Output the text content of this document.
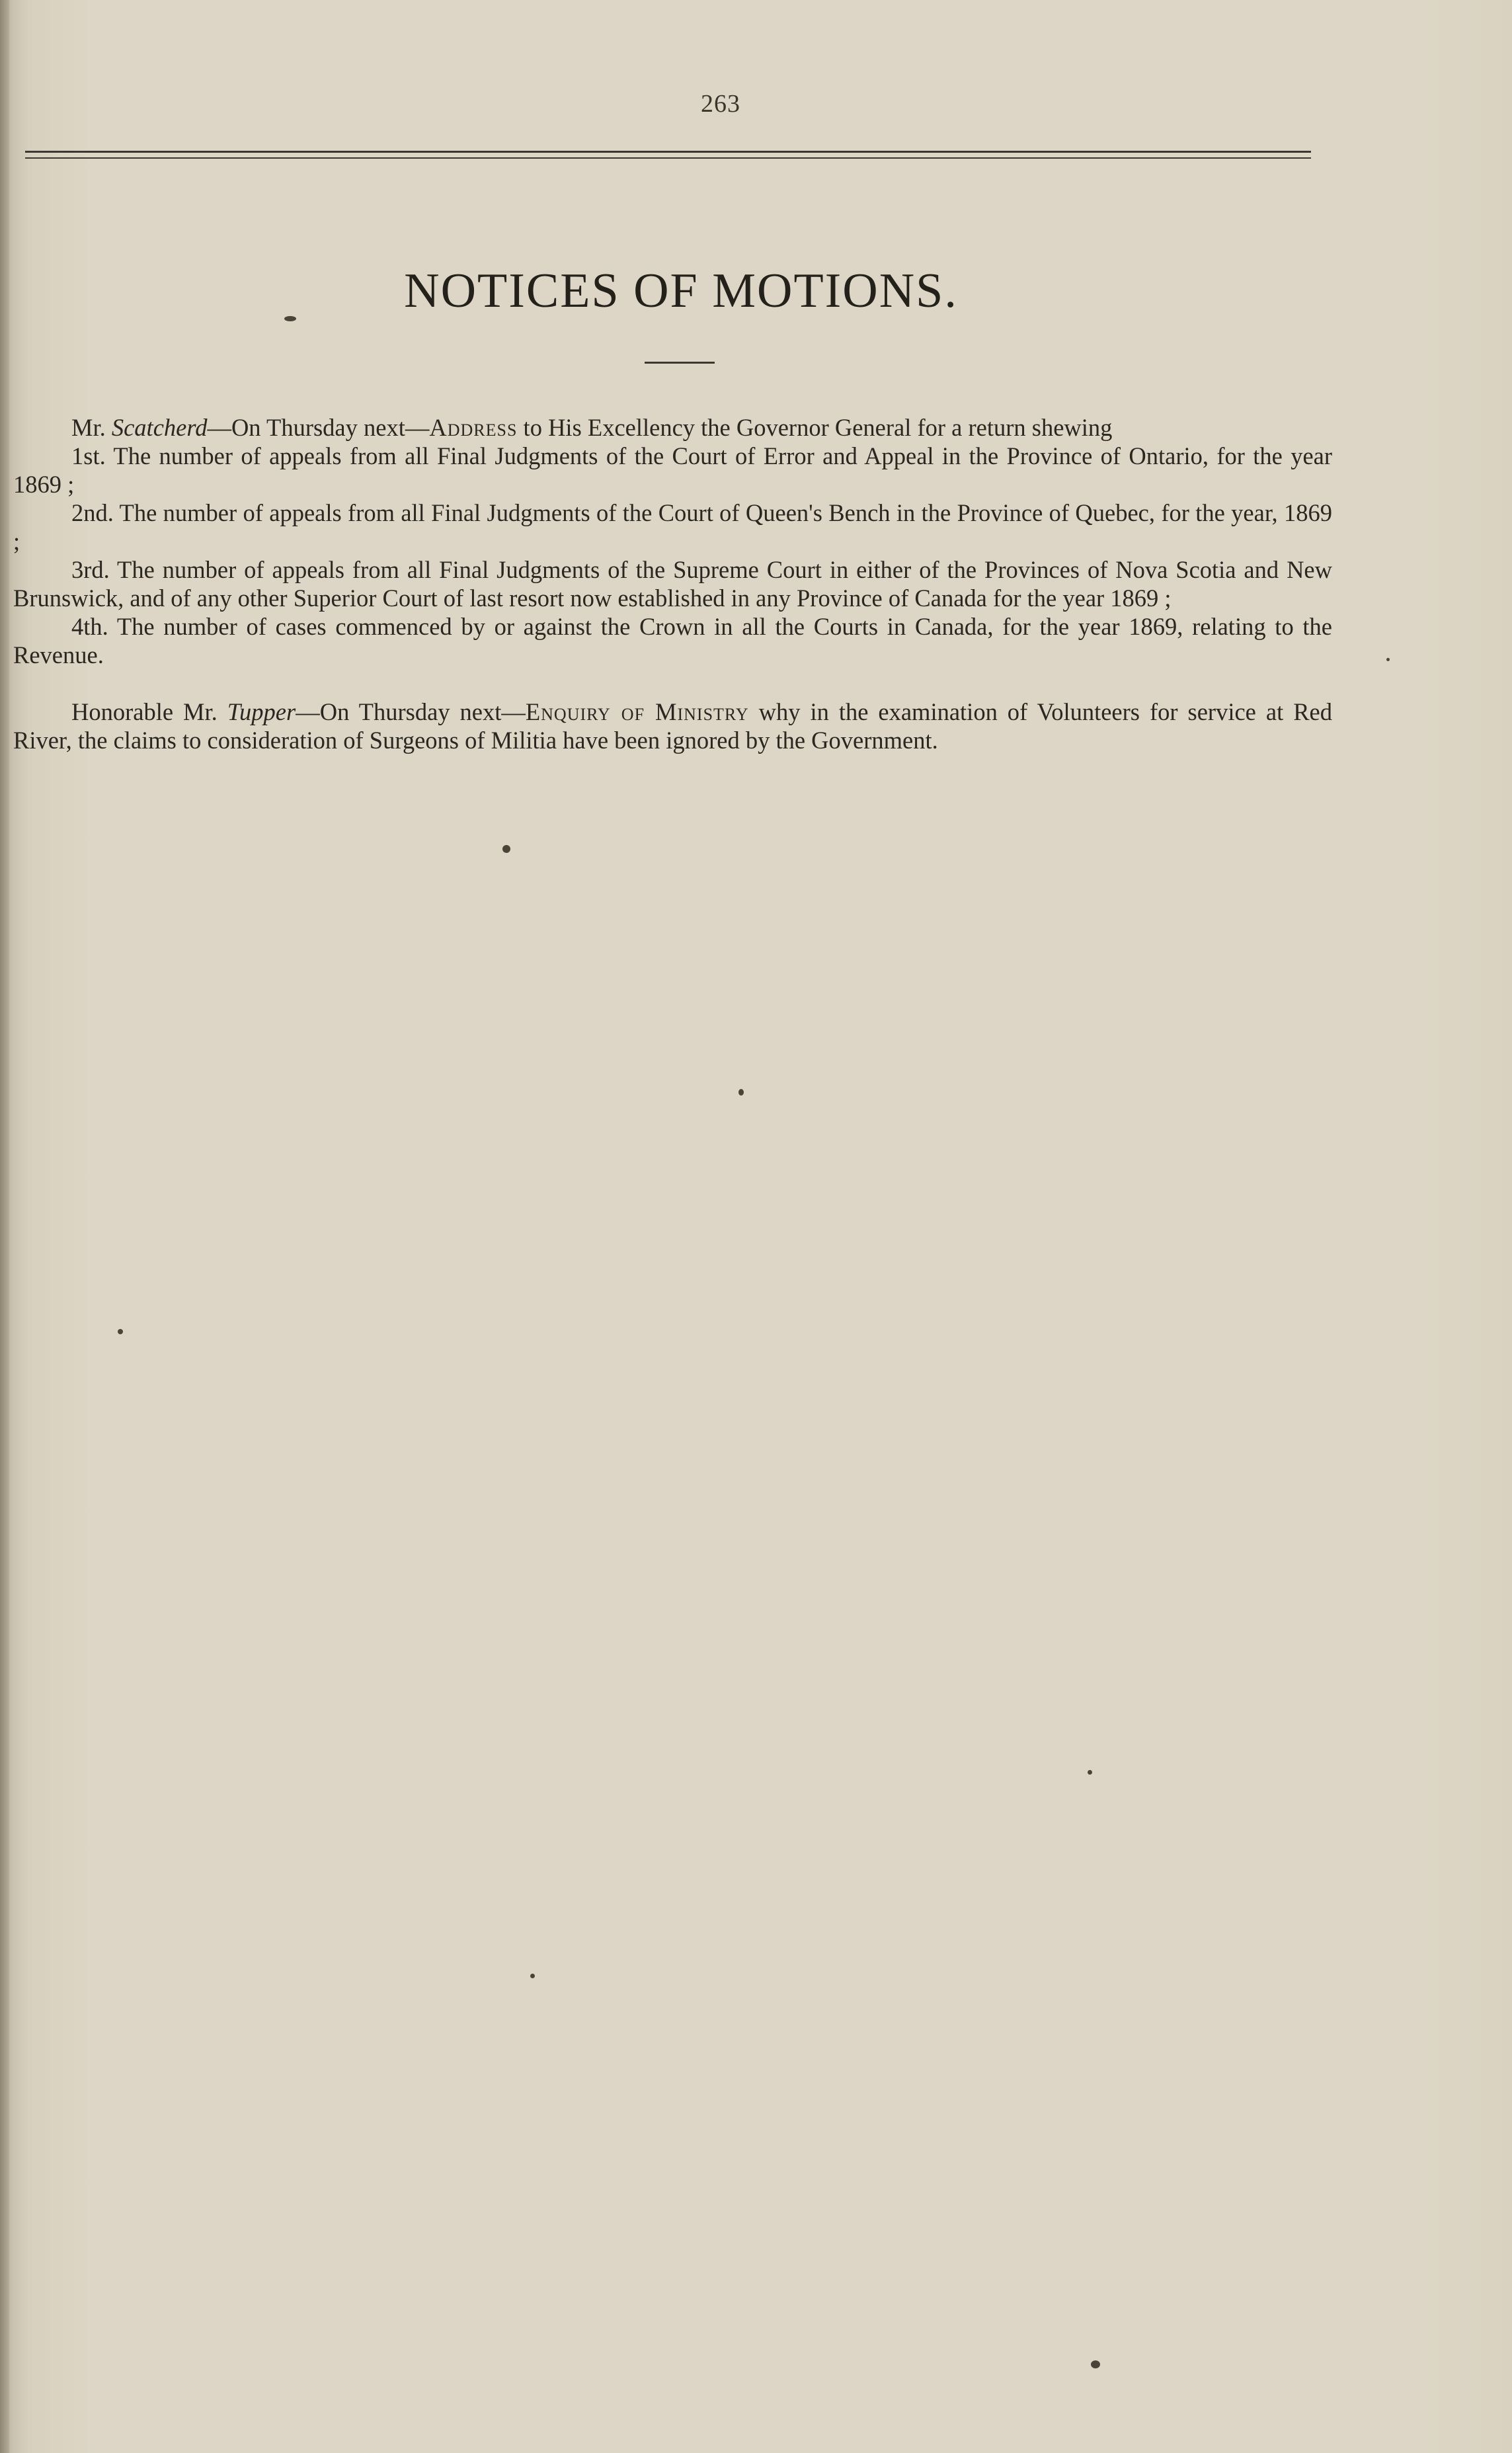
263
NOTICES OF MOTIONS.

Mr. Scatcherd—On Thursday next—Address to His Excellency the Governor General for a return shewing

1st. The number of appeals from all Final Judgments of the Court of Error and Appeal in the Province of Ontario, for the year 1869 ;

2nd. The number of appeals from all Final Judgments of the Court of Queen's Bench in the Province of Quebec, for the year, 1869 ;

3rd. The number of appeals from all Final Judgments of the Supreme Court in either of the Provinces of Nova Scotia and New Brunswick, and of any other Superior Court of last resort now established in any Province of Canada for the year 1869 ;

4th. The number of cases commenced by or against the Crown in all the Courts in Canada, for the year 1869, relating to the Revenue.

Honorable Mr. Tupper—On Thursday next—Enquiry of Ministry why in the examination of Volunteers for service at Red River, the claims to consideration of Surgeons of Militia have been ignored by the Government.
